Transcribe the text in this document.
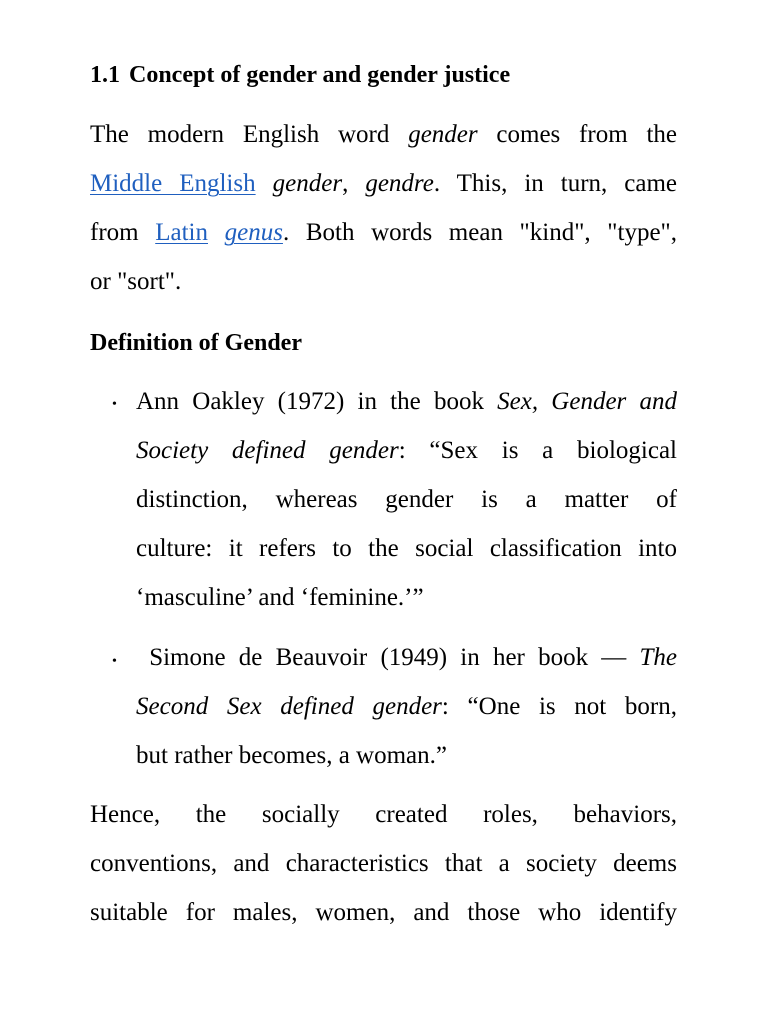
1.1 Concept of gender and gender justice
The modern English word gender comes from the
Middle English gender, gendre. This, in turn, came
from Latin genus. Both words mean "kind", "type",
or "sort".
Definition of Gender
• Ann Oakley (1972) in the book Sex, Gender and
Society defined gender: “Sex is a biological
distinction, whereas gender is a matter of
culture: it refers to the social classification into
‘masculine’ and ‘feminine.’”
• Simone de Beauvoir (1949) in her book — The
Second Sex defined gender: “One is not born,
but rather becomes, a woman.”
Hence, the socially created roles, behaviors,
conventions, and characteristics that a society deems
suitable for males, women, and those who identify
